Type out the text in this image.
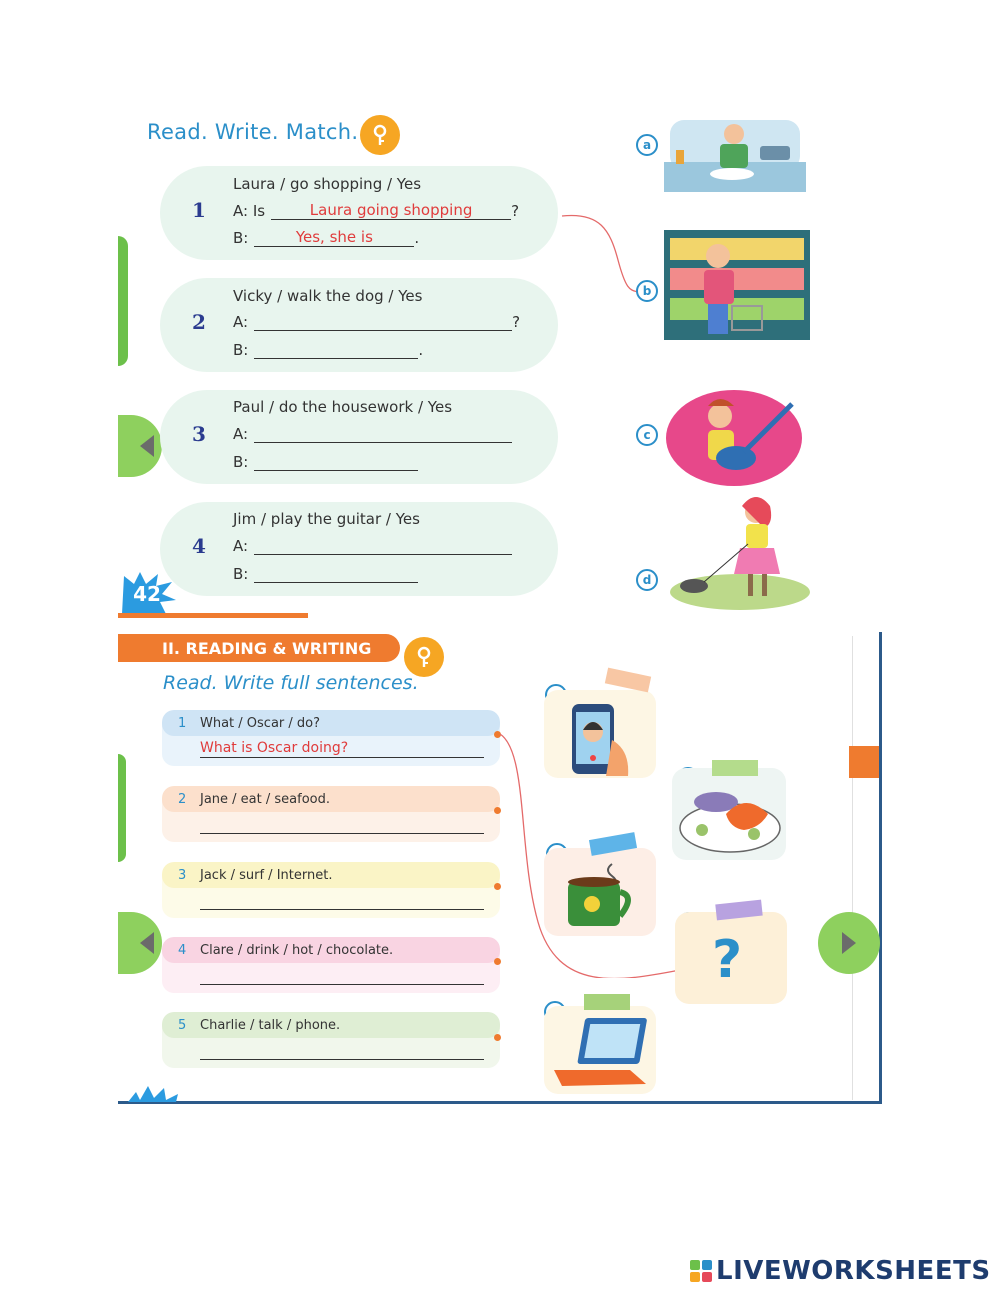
Read. Write. Match.
1
Laura / go shopping / Yes
A: Is	Laura going shopping	?
B:	Yes, she is	.
2
Vicky / walk the dog / Yes
A:	?
B:	.
3
Paul / do the housework / Yes
A:
B:
4
Jim / play the guitar / Yes
A:
B:
a
b
c
d
42
II. READING & WRITING
Read. Write full sentences.
1	What / Oscar / do?
What is Oscar doing?
2	Jane / eat / seafood.
3	Jack / surf / Internet.
4	Clare / drink / hot / chocolate.
5	Charlie / talk / phone.
?
LIVEWORKSHEETS
